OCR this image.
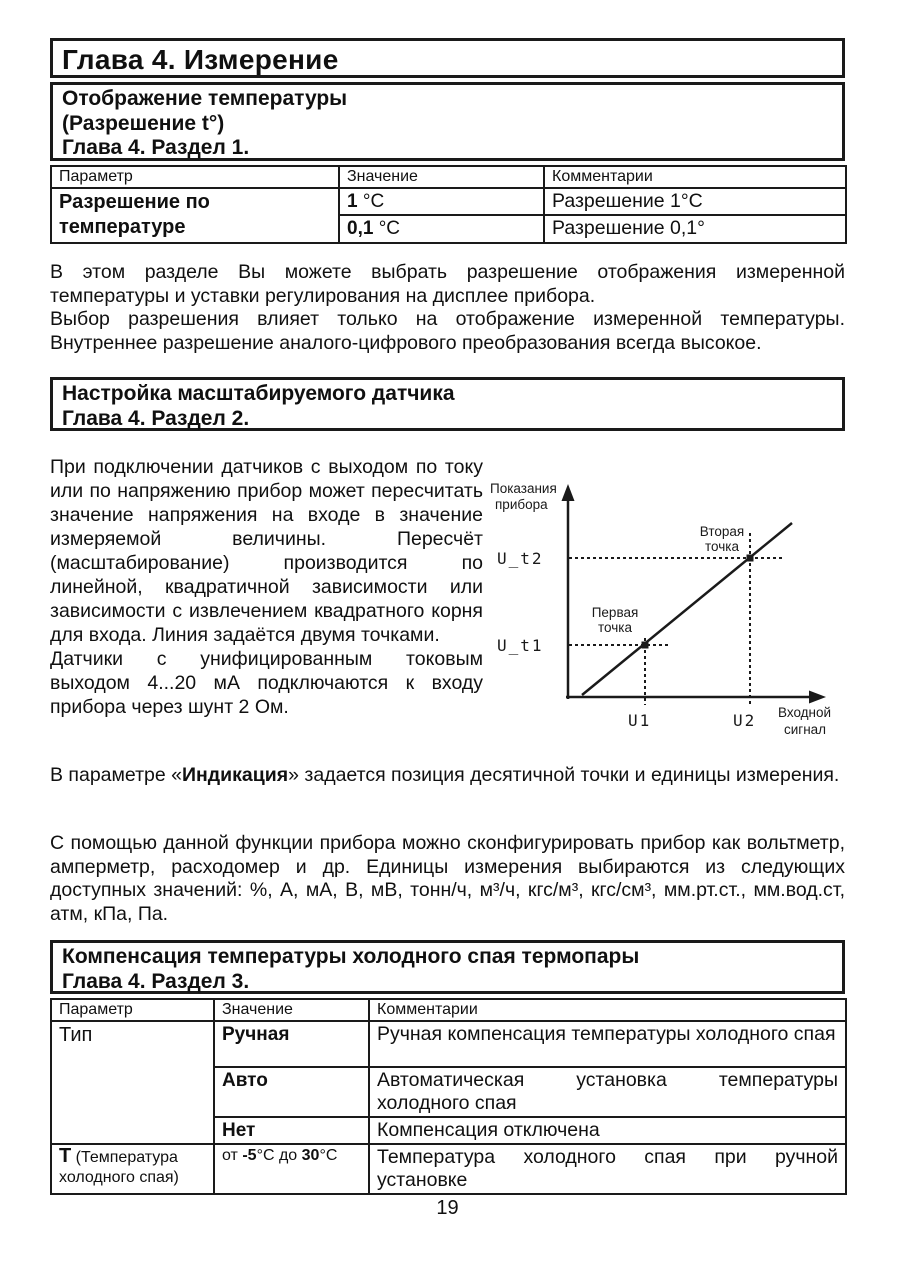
Глава 4. Измерение
Отображение температуры
(Разрешение t°)
Глава 4. Раздел 1.
Параметр	Значение	Комментарии
Разрешение по температуре	1 °С	Разрешение 1°С
	0,1 °С	Разрешение 0,1°

В этом разделе Вы можете выбрать разрешение отображения измеренной температуры и уставки регулирования на дисплее прибора.

Выбор разрешения влияет только на отображение измеренной температуры. Внутреннее разрешение аналого-цифрового преобразования всегда высокое.

Настройка масштабируемого датчика
Глава 4. Раздел 2.

При подключении датчиков с выходом по току или по напряжению прибор может пересчитать значение напряжения на входе в значение измеряемой величины. Пересчёт (масштабирование) производится по линейной, квадратичной зависимости или зависимости с извлечением квадратного корня для входа. Линия задаётся двумя точками.

Датчики с унифицированным токовым выходом 4...20 мА подключаются к входу прибора через шунт 2 Ом.

Показания
прибора
U_t2
U_t1
U1	U2
Вторая
точка
Первая
точка
Входной
сигнал

В параметре «Индикация» задается позиция десятичной точки и единицы измерения.

С помощью данной функции прибора можно сконфигурировать прибор как вольтметр, амперметр, расходомер и др. Единицы измерения выбираются из следующих доступных значений: %, А, мА, В, мВ, тонн/ч, м³/ч, кгс/м³, кгс/см³, мм.рт.ст., мм.вод.ст, атм, кПа, Па.

Компенсация температуры холодного спая термопары
Глава 4. Раздел 3.
Параметр	Значение	Комментарии
Тип	Ручная	Ручная компенсация температуры холодного спая
	Авто	Автоматическая установка температуры холодного спая
	Нет	Компенсация отключена
Т (Температура холодного спая)	от -5°С до 30°С	Температура холодного спая при ручной установке
19
